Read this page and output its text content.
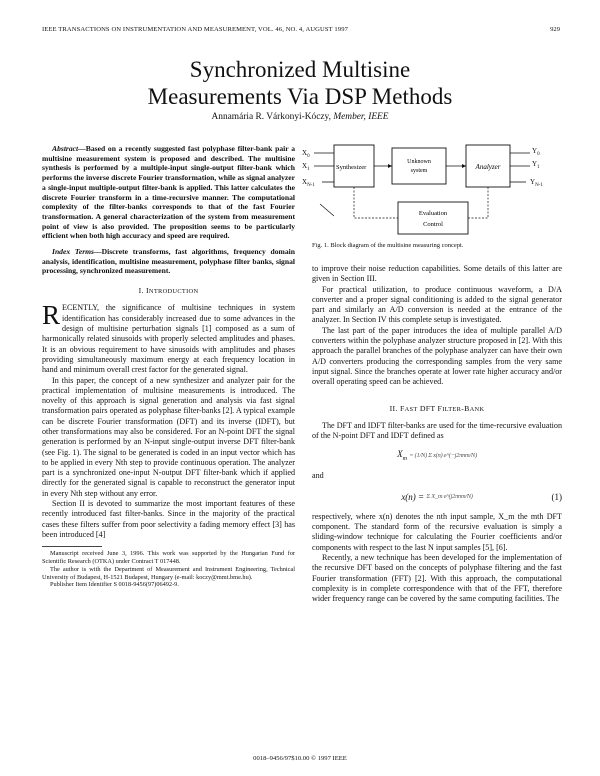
IEEE TRANSACTIONS ON INSTRUMENTATION AND MEASUREMENT, VOL. 46, NO. 4, AUGUST 1997	929
Synchronized Multisine
Measurements Via DSP Methods
Annamária R. Várkonyi-Kóczy, Member, IEEE

Abstract—Based on a recently suggested fast polyphase filter-bank pair a multisine measurement system is proposed and described. The multisine synthesis is performed by a multiple-input single-output filter-bank which performs the inverse discrete Fourier transformation, while as signal analyzer a single-input multiple-output filter-bank is applied. This latter calculates the discrete Fourier transform in a time-recursive manner. The computational complexity of the filter-banks corresponds to that of the fast Fourier transformation. A general characterization of the system from measurement point of view is also provided. The proposition seems to be particularly efficient when both high accuracy and speed are required.

Index Terms—Discrete transforms, fast algorithms, frequency domain analysis, identification, multisine measurement, polyphase filter banks, signal processing, synchronized measurement.

I. INTRODUCTION

RECENTLY, the significance of multisine techniques in system identification has considerably increased due to some advances in the design of multisine perturbation signals [1] composed as a sum of harmonically related sinusoids with properly selected amplitudes and phases. It is an obvious requirement to have sinusoids with amplitudes and phases providing simultaneously maximum energy at each frequency location in hand and minimum overall crest factor for the generated signal.

In this paper, the concept of a new synthesizer and analyzer pair for the practical implementation of multisine measurements is introduced. The novelty of this approach is signal generation and analysis via fast signal transformation pairs operated as polyphase filter-banks [2]. A typical example can be discrete Fourier transformation (DFT) and its inverse (IDFT), but other transformations may also be considered. For an N-point DFT the signal generation is performed by an N-input single-output inverse DFT filter-bank (see Fig. 1). The signal to be generated is coded in an input vector which has to be applied in every Nth step to provide continuous operation. The analyzer part is a synchronized one-input N-output DFT filter-bank which if applied directly for the generated signal is capable to reconstruct the generator input in every Nth step without any error.

Section II is devoted to summarize the most important features of these recently introduced fast filter-banks. Since in the majority of the practical cases these filters suffer from poor selectivity a fading memory effect [3] has been introduced [4]

Manuscript received June 3, 1996. This work was supported by the Hungarian Fund for Scientific Research (OTKA) under Contract T 017448.

The author is with the Department of Measurement and Instrument Engineering, Technical University of Budapest, H-1521 Budapest, Hungary (e-mail: koczy@mmt.bme.hu).

Publisher Item Identifier S 0018-9456(97)06492-9.

$X_0$
$X_1$
$X_{N-1}$
Synthesizer
Unknown
system	Analyzer
$Y_0$
$Y_1$
$Y_{N-1}$
Evaluation
Control
Fig. 1. Block diagram of the multisine measuring concept.

to improve their noise reduction capabilities. Some details of this latter are given in Section III.

For practical utilization, to produce continuous waveform, a D/A converter and a proper signal conditioning is added to the signal generator part and similarly an A/D conversion is needed at the entrance of the analyzer. In Section IV this complete setup is investigated.

The last part of the paper introduces the idea of multiple parallel A/D converters within the polyphase analyzer structure proposed in [2]. With this approach the parallel branches of the polyphase analyzer can have their own A/D converters producing the corresponding samples from the very same input signal. Since the branches operate at lower rate higher accuracy and/or overall operating speed can be achieved.

II. FAST DFT FILTER-BANK

The DFT and IDFT filter-banks are used for the time-recursive evaluation of the N-point DFT and IDFT defined as

$X_m$
= (1/N) Σ x(n) e^(−j2πnm/N)

and

x(n) =
Σ X_m e^(j2πnm/N)	(1)

respectively, where x(n) denotes the nth input sample, X_m the mth DFT component. The standard form of the recursive evaluation is simply a sliding-window technique for calculating the Fourier coefficients and/or components with respect to the last N input samples [5], [6].

Recently, a new technique has been developed for the implementation of the recursive DFT based on the concepts of polyphase filtering and the fast Fourier transformation (FFT) [2]. With this approach, the computational complexity is in complete correspondence with that of the FFT, therefore wider frequency range can be covered by the same computing facilities. The

0018–9456/97$10.00 © 1997 IEEE
